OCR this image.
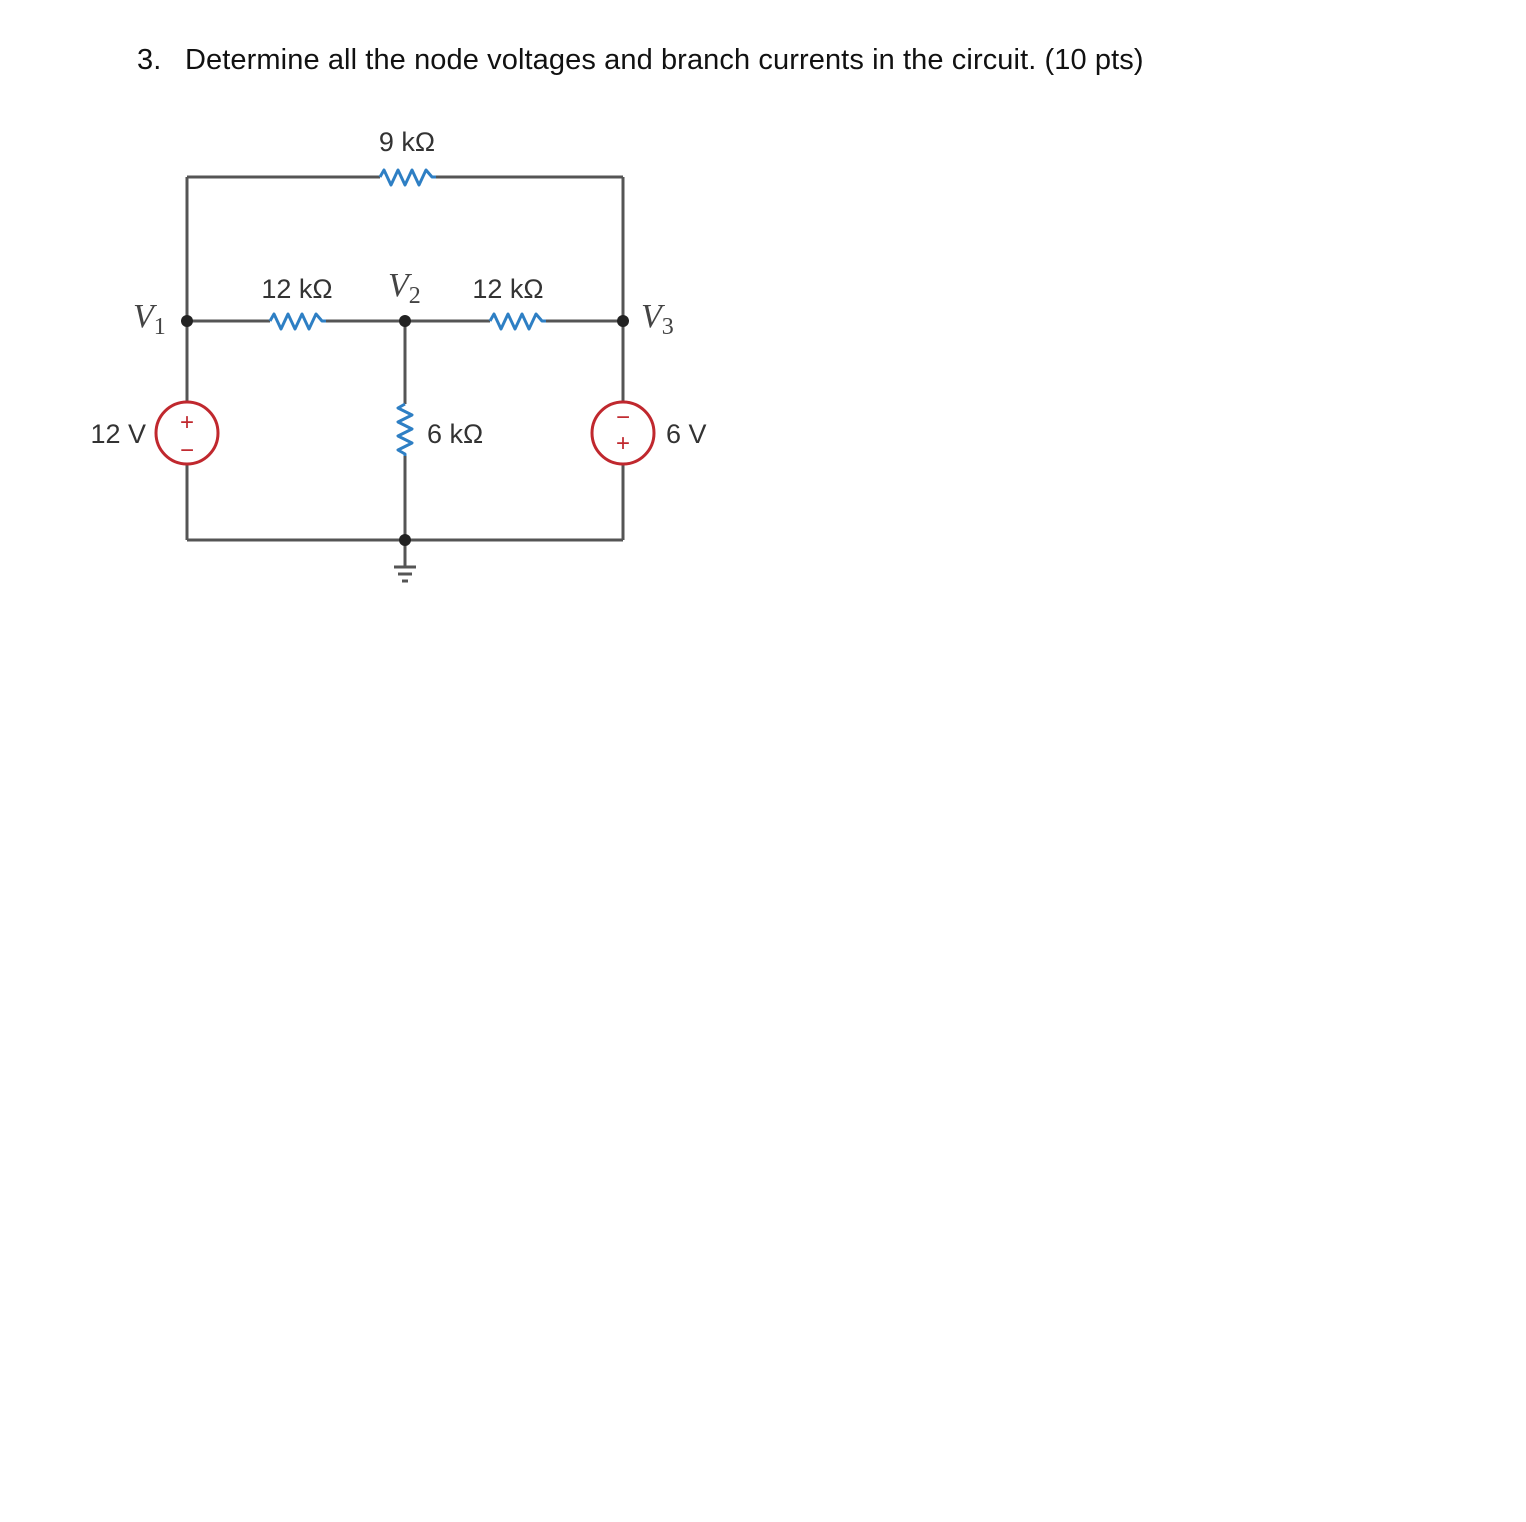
3. Determine all the node voltages and branch currents in the circuit. (10 pts)
+
−
−
+
9 kΩ
12 kΩ	12 kΩ
6 kΩ
12 V	6 V
$V_1$
$V_2$
$V_3$
